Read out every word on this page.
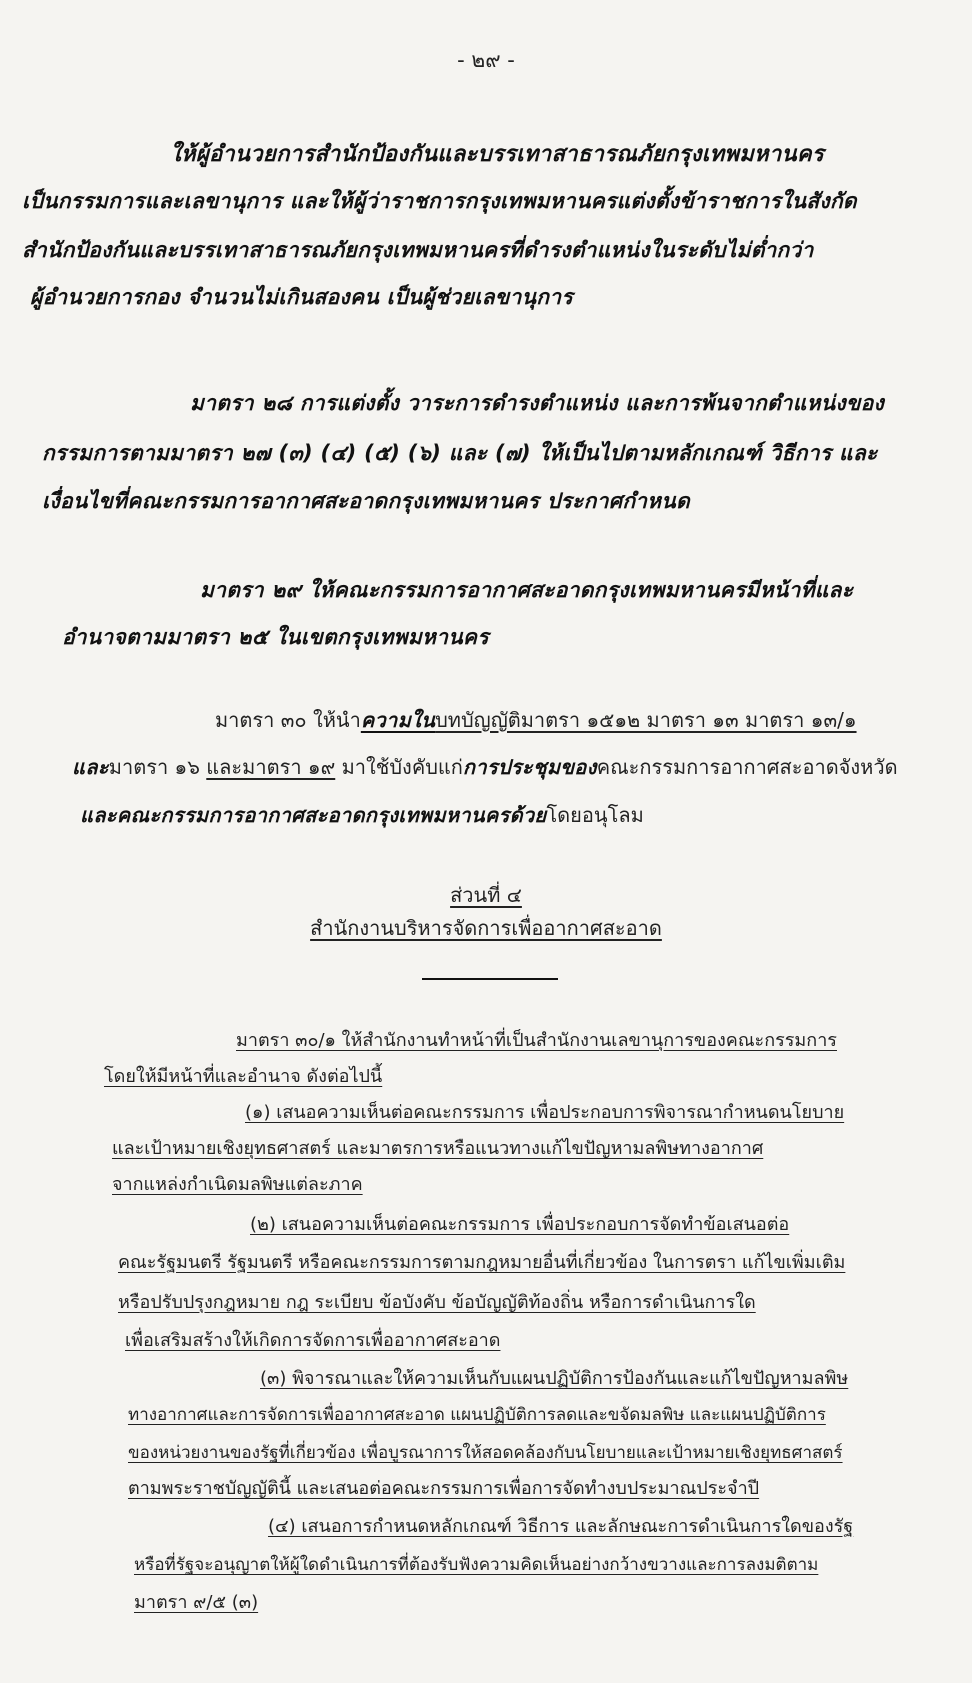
- ๒๙ -
ให้ผู้อำนวยการสำนักป้องกันและบรรเทาสาธารณภัยกรุงเทพมหานคร
เป็นกรรมการและเลขานุการ และให้ผู้ว่าราชการกรุงเทพมหานครแต่งตั้งข้าราชการในสังกัด
สำนักป้องกันและบรรเทาสาธารณภัยกรุงเทพมหานครที่ดำรงตำแหน่งในระดับไม่ต่ำกว่า
ผู้อำนวยการกอง จำนวนไม่เกินสองคน เป็นผู้ช่วยเลขานุการ
มาตรา ๒๘ การแต่งตั้ง วาระการดำรงตำแหน่ง และการพ้นจากตำแหน่งของ
กรรมการตามมาตรา ๒๗ (๓) (๔) (๕) (๖) และ (๗) ให้เป็นไปตามหลักเกณฑ์ วิธีการ และ
เงื่อนไขที่คณะกรรมการอากาศสะอาดกรุงเทพมหานคร ประกาศกำหนด
มาตรา ๒๙ ให้คณะกรรมการอากาศสะอาดกรุงเทพมหานครมีหน้าที่และ
อำนาจตามมาตรา ๒๕ ในเขตกรุงเทพมหานคร
มาตรา ๓๐ ให้นำความในบทบัญญัติมาตรา ๑๕๑๒ มาตรา ๑๓ มาตรา ๑๓/๑
และมาตรา ๑๖ และมาตรา ๑๙ มาใช้บังคับแก่การประชุมของคณะกรรมการอากาศสะอาดจังหวัด
และคณะกรรมการอากาศสะอาดกรุงเทพมหานครด้วยโดยอนุโลม
ส่วนที่ ๔
สำนักงานบริหารจัดการเพื่ออากาศสะอาด
มาตรา ๓๐/๑ ให้สำนักงานทำหน้าที่เป็นสำนักงานเลขานุการของคณะกรรมการ
โดยให้มีหน้าที่และอำนาจ ดังต่อไปนี้
(๑) เสนอความเห็นต่อคณะกรรมการ เพื่อประกอบการพิจารณากำหนดนโยบาย
และเป้าหมายเชิงยุทธศาสตร์ และมาตรการหรือแนวทางแก้ไขปัญหามลพิษทางอากาศ
จากแหล่งกำเนิดมลพิษแต่ละภาค
(๒) เสนอความเห็นต่อคณะกรรมการ เพื่อประกอบการจัดทำข้อเสนอต่อ
คณะรัฐมนตรี รัฐมนตรี หรือคณะกรรมการตามกฎหมายอื่นที่เกี่ยวข้อง ในการตรา แก้ไขเพิ่มเติม
หรือปรับปรุงกฎหมาย กฎ ระเบียบ ข้อบังคับ ข้อบัญญัติท้องถิ่น หรือการดำเนินการใด
เพื่อเสริมสร้างให้เกิดการจัดการเพื่ออากาศสะอาด
(๓) พิจารณาและให้ความเห็นกับแผนปฏิบัติการป้องกันและแก้ไขปัญหามลพิษ
ทางอากาศและการจัดการเพื่ออากาศสะอาด แผนปฏิบัติการลดและขจัดมลพิษ และแผนปฏิบัติการ
ของหน่วยงานของรัฐที่เกี่ยวข้อง เพื่อบูรณาการให้สอดคล้องกับนโยบายและเป้าหมายเชิงยุทธศาสตร์
ตามพระราชบัญญัตินี้ และเสนอต่อคณะกรรมการเพื่อการจัดทำงบประมาณประจำปี
(๔) เสนอการกำหนดหลักเกณฑ์ วิธีการ และลักษณะการดำเนินการใดของรัฐ
หรือที่รัฐจะอนุญาตให้ผู้ใดดำเนินการที่ต้องรับฟังความคิดเห็นอย่างกว้างขวางและการลงมติตาม
มาตรา ๙/๕ (๓)
